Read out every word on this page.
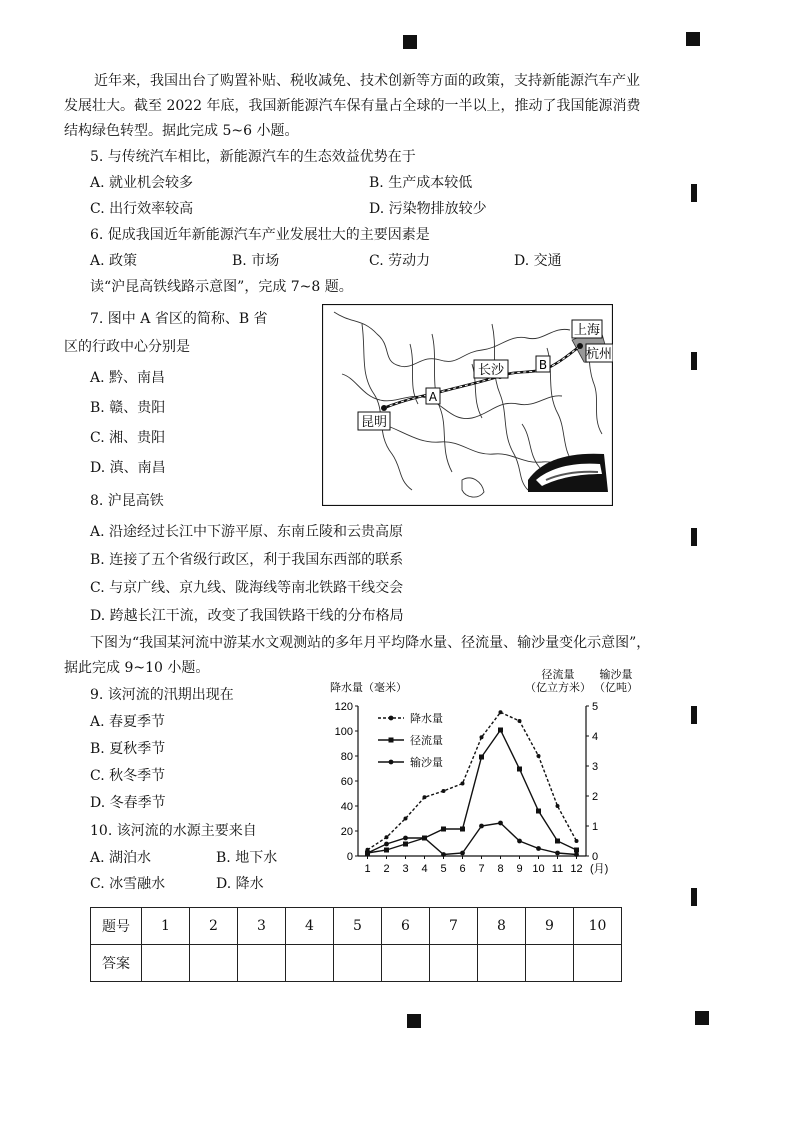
近年来，我国出台了购置补贴、税收减免、技术创新等方面的政策，支持新能源汽车产业
发展壮大。截至 2022 年底，我国新能源汽车保有量占全球的一半以上，推动了我国能源消费
结构绿色转型。据此完成 5~6 小题。
5. 与传统汽车相比，新能源汽车的生态效益优势在于
A. 就业机会较多	B. 生产成本较低
C. 出行效率较高	D. 污染物排放较少
6. 促成我国近年新能源汽车产业发展壮大的主要因素是
A. 政策	B. 市场	C. 劳动力	D. 交通
读“沪昆高铁线路示意图”，完成 7~8 题。
7. 图中 A 省区的简称、B 省
区的行政中心分别是
A. 黔、南昌
B. 赣、贵阳
C. 湘、贵阳
D. 滇、南昌
长沙
上海
杭州
昆明
A
B
8. 沪昆高铁
A. 沿途经过长江中下游平原、东南丘陵和云贵高原
B. 连接了五个省级行政区，利于我国东西部的联系
C. 与京广线、京九线、陇海线等南北铁路干线交会
D. 跨越长江干流，改变了我国铁路干线的分布格局
下图为“我国某河流中游某水文观测站的多年月平均降水量、径流量、输沙量变化示意图”，
据此完成 9~10 小题。
9. 该河流的汛期出现在
A. 春夏季节
B. 夏秋季节
C. 秋冬季节
D. 冬春季节
10. 该河流的水源主要来自
A. 湖泊水	B. 地下水
C. 冰雪融水	D. 降水
降水量（毫米）
径流量
（亿立方米）
输沙量
（亿吨）
0
20
40
60
80
100
120
0
1
2
3
4
5
1 2 3 4 5 6 7 8 9 10 11 12 (月)
降水量
径流量
输沙量
题号	1	2	3	4	5	6	7	8	9	10
答案										
